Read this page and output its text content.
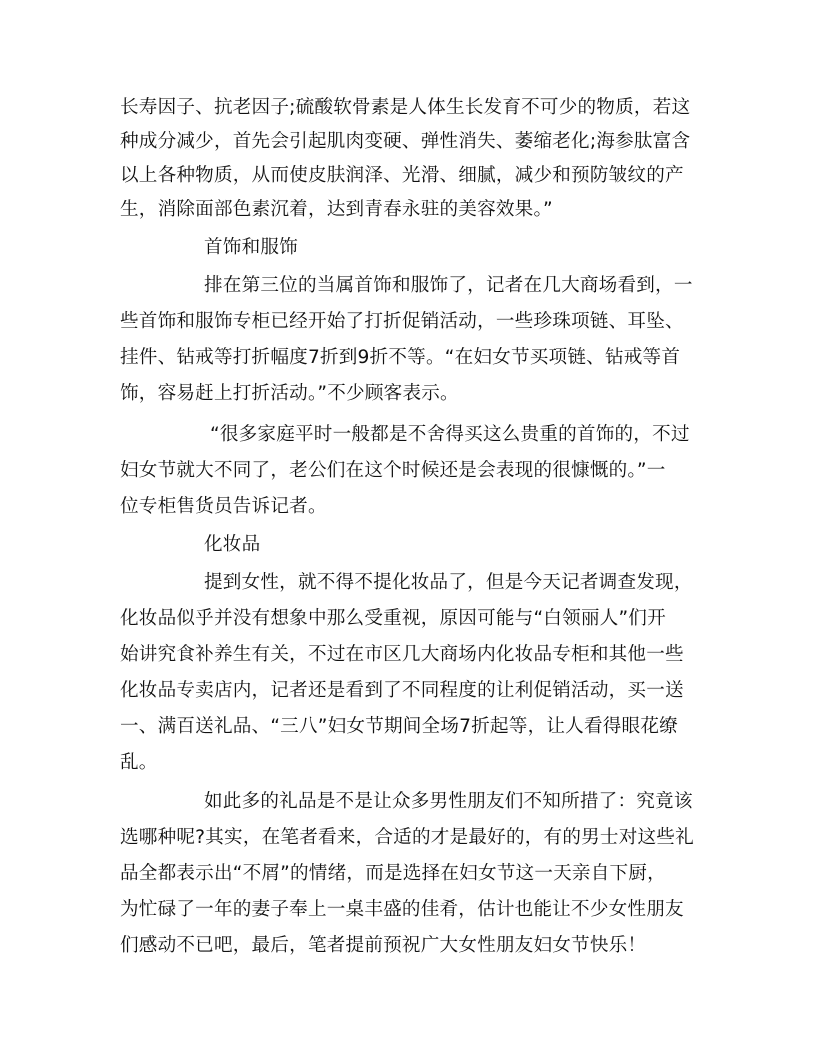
长寿因子、抗老因子;硫酸软骨素是人体生长发育不可少的物质，若这
种成分减少，首先会引起肌肉变硬、弹性消失、萎缩老化;海参肽富含
以上各种物质，从而使皮肤润泽、光滑、细腻，减少和预防皱纹的产
生，消除面部色素沉着，达到青春永驻的美容效果。”
首饰和服饰
排在第三位的当属首饰和服饰了，记者在几大商场看到，一
些首饰和服饰专柜已经开始了打折促销活动，一些珍珠项链、耳坠、
挂件、钻戒等打折幅度7折到9折不等。“在妇女节买项链、钻戒等首
饰，容易赶上打折活动。”不少顾客表示。
“很多家庭平时一般都是不舍得买这么贵重的首饰的，不过
妇女节就大不同了，老公们在这个时候还是会表现的很慷慨的。”一
位专柜售货员告诉记者。
化妆品
提到女性，就不得不提化妆品了，但是今天记者调查发现，
化妆品似乎并没有想象中那么受重视，原因可能与“白领丽人”们开
始讲究食补养生有关，不过在市区几大商场内化妆品专柜和其他一些
化妆品专卖店内，记者还是看到了不同程度的让利促销活动，买一送
一、满百送礼品、“三八”妇女节期间全场7折起等，让人看得眼花缭
乱。
如此多的礼品是不是让众多男性朋友们不知所措了：究竟该
选哪种呢?其实，在笔者看来，合适的才是最好的，有的男士对这些礼
品全都表示出“不屑”的情绪，而是选择在妇女节这一天亲自下厨，
为忙碌了一年的妻子奉上一桌丰盛的佳肴，估计也能让不少女性朋友
们感动不已吧，最后，笔者提前预祝广大女性朋友妇女节快乐！
